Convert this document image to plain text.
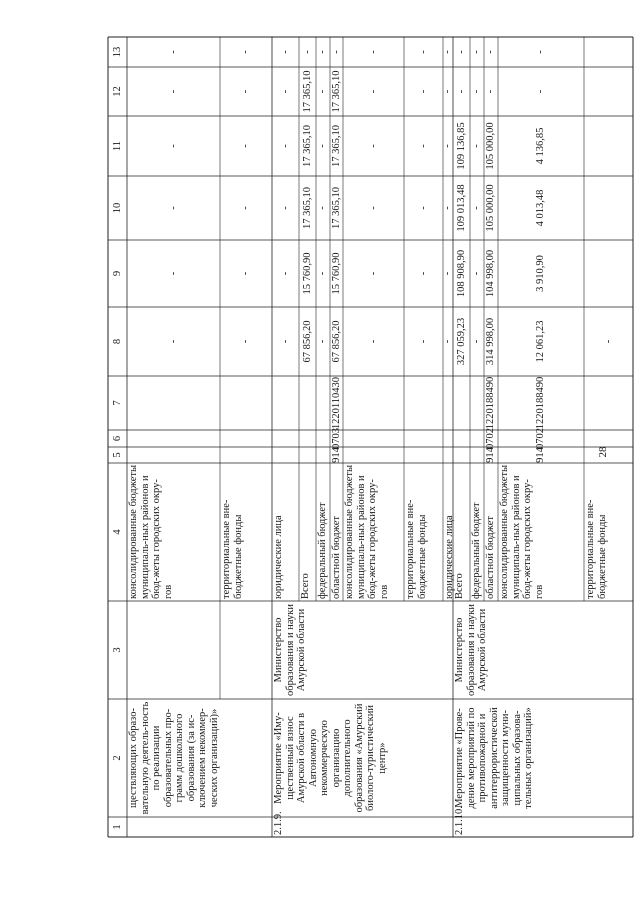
28
1
2
3
4
5
6
7
8
9
10
11
12
13
ществляющих образо-вательную деятель-ность по реализации образовательных про-грамм дошкольного образования (за ис-ключением некоммер-ческих организаций)»
консолидированные бюджеты муниципаль-ных районов и бюд-жеты городских окру-гов
-
-
-
-
-
-
территориальные вне-бюджетные фонды
-
-
-
-
-
-
2.1.9.
Мероприятие «Иму-щественный взнос Амурской области в Автономную некоммерческую организацию дополнительного образования «Амурский биолого-туристический центр»
Министерство образования и науки Амурской области
юридические лица
-
-
-
-
-
-
Всего
67 856,20
15 760,90
17 365,10
17 365,10
17 365,10
-
федеральный бюджет
-
-
-
-
-
-
областной бюджет
914
0703
1220110430
67 856,20
15 760,90
17 365,10
17 365,10
17 365,10
-
консолидированные бюджеты муниципаль-ных районов и бюд-жеты городских окру-гов
-
-
-
-
-
-
территориальные вне-бюджетные фонды
-
-
-
-
-
-
юридические лица
-
-
-
-
-
-
2.1.10.
Мероприятие «Прове-дение мероприятий по противопожарной и антитеррористической защищенности муни-ципальных образова-тельных организаций»
Министерство образования и науки Амурской области
Всего
327 059,23
108 908,90
109 013,48
109 136,85
-
-
федеральный бюджет
-
-
-
-
-
-
областной бюджет
914
0702
1220188490
314 998,00
104 998,00
105 000,00
105 000,00
-
-
консолидированные бюджеты муниципаль-ных районов и бюд-жеты городских окру-гов
914
0702
1220188490
12 061,23
3 910,90
4 013,48
4 136,85
-
-
территориальные вне-бюджетные фонды
-
